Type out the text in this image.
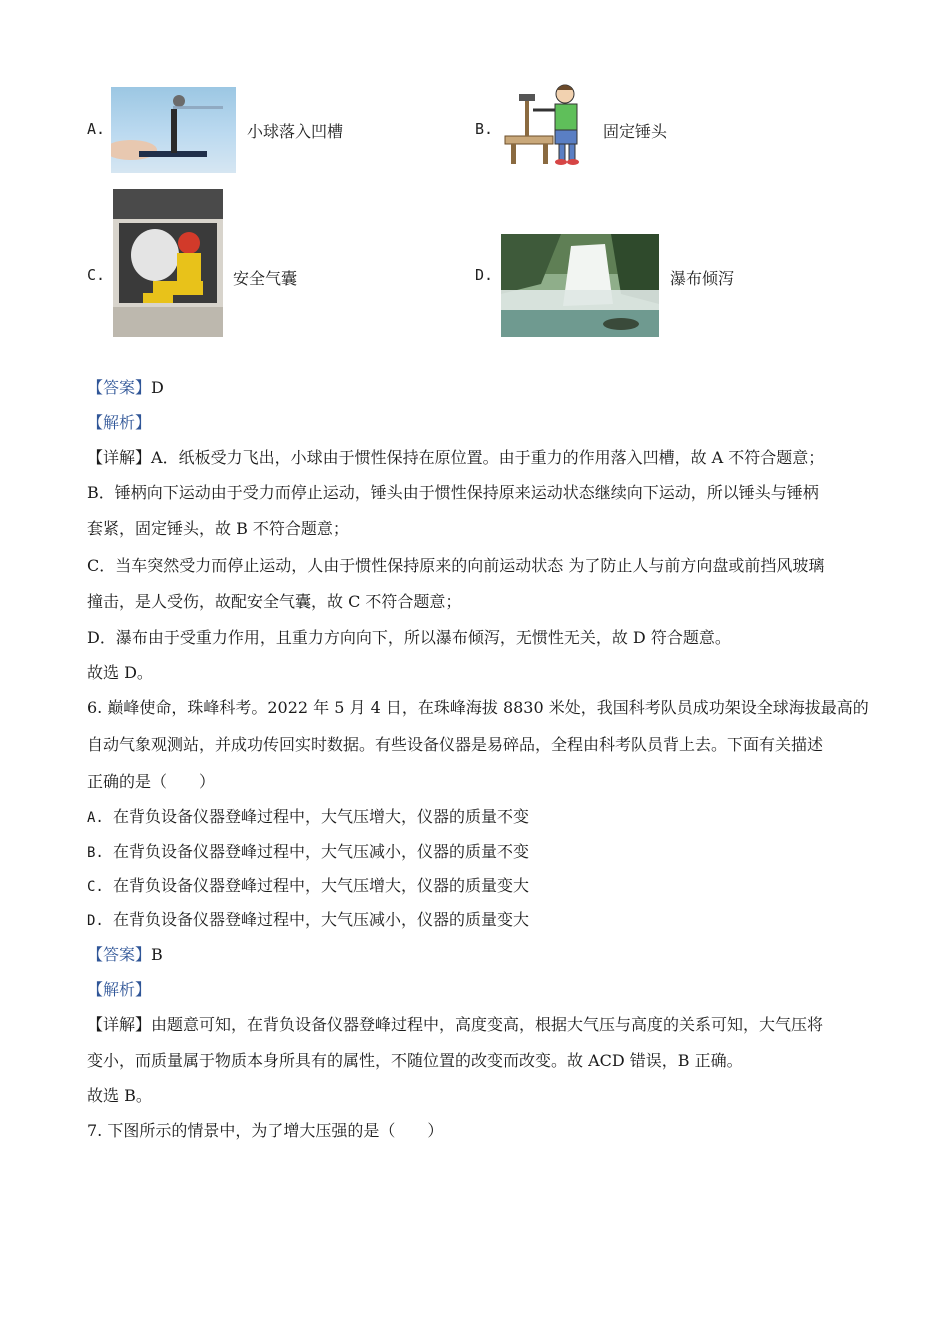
A.	小球落入凹槽	B.	固定锤头
C.	安全气囊	D.	瀑布倾泻
【答案】D
【解析】
【详解】A．纸板受力飞出，小球由于惯性保持在原位置。由于重力的作用落入凹槽，故 A 不符合题意；
B．锤柄向下运动由于受力而停止运动，锤头由于惯性保持原来运动状态继续向下运动，所以锤头与锤柄
套紧，固定锤头，故 B 不符合题意；
C．当车突然受力而停止运动，人由于惯性保持原来的向前运动状态 为了防止人与前方向盘或前挡风玻璃
撞击，是人受伤，故配安全气囊，故 C 不符合题意；
D．瀑布由于受重力作用，且重力方向向下，所以瀑布倾泻，无惯性无关，故 D 符合题意。
故选 D。
6. 巅峰使命，珠峰科考。2022 年 5 月 4 日，在珠峰海拔 8830 米处，我国科考队员成功架设全球海拔最高的
自动气象观测站，并成功传回实时数据。有些设备仪器是易碎品，全程由科考队员背上去。下面有关描述
正确的是（　　）
A. 在背负设备仪器登峰过程中，大气压增大，仪器的质量不变
B. 在背负设备仪器登峰过程中，大气压减小，仪器的质量不变
C. 在背负设备仪器登峰过程中，大气压增大，仪器的质量变大
D. 在背负设备仪器登峰过程中，大气压减小，仪器的质量变大
【答案】B
【解析】
【详解】由题意可知，在背负设备仪器登峰过程中，高度变高，根据大气压与高度的关系可知，大气压将
变小，而质量属于物质本身所具有的属性，不随位置的改变而改变。故 ACD 错误，B 正确。
故选 B。
7. 下图所示的情景中，为了增大压强的是（　　）
